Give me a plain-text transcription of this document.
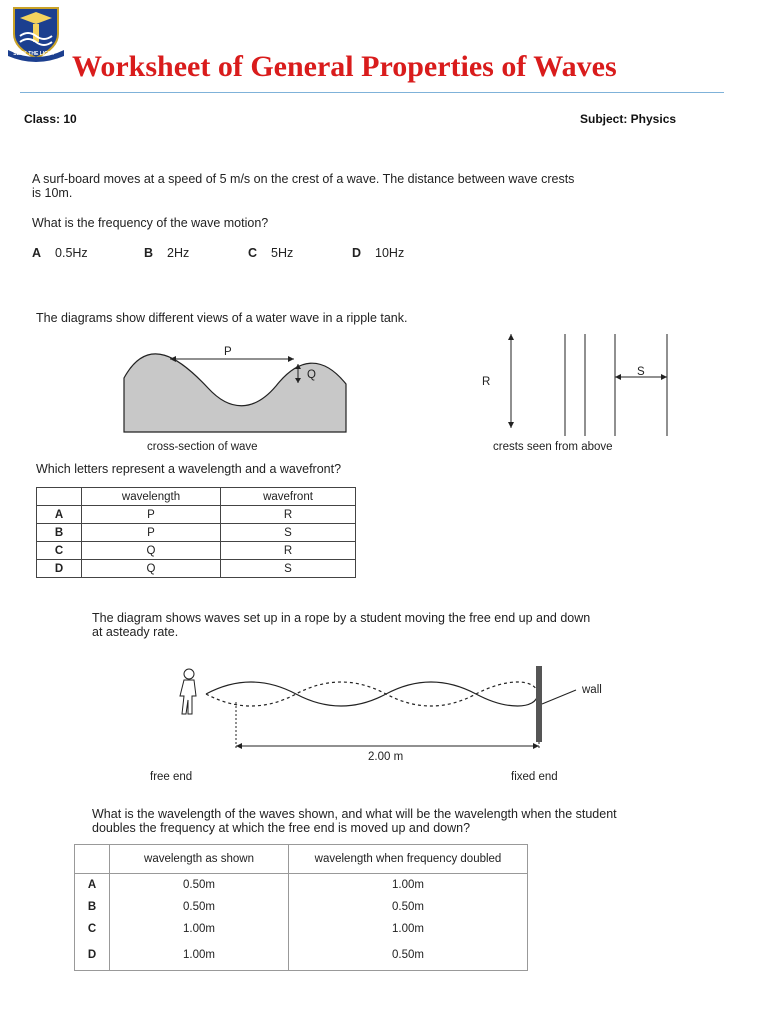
SEEK THE LIGHT Worksheet of General Properties of Waves
Class: 10	Subject: Physics
A surf-board moves at a speed of 5 m/s on the crest of a wave. The distance between wave crests
is 10m.
What is the frequency of the wave motion?
A 0.5Hz	B 2Hz	C 5Hz	D 10Hz
The diagrams show different views of a water wave in a ripple tank.
P
Q
R
S
cross-section of wave	crests seen from above
Which letters represent a wavelength and a wavefront?
	wavelength	wavefront
A	P	R
B	P	S
C	Q	R
D	Q	S
The diagram shows waves set up in a rope by a student moving the free end up and down
at asteady rate.
wall
2.00 m
free end	fixed end
What is the wavelength of the waves shown, and what will be the wavelength when the student
doubles the frequency at which the free end is moved up and down?
	wavelength as shown	wavelength when frequency doubled
A	0.50m	1.00m
B	0.50m	0.50m
C	1.00m	1.00m
D	1.00m	0.50m
